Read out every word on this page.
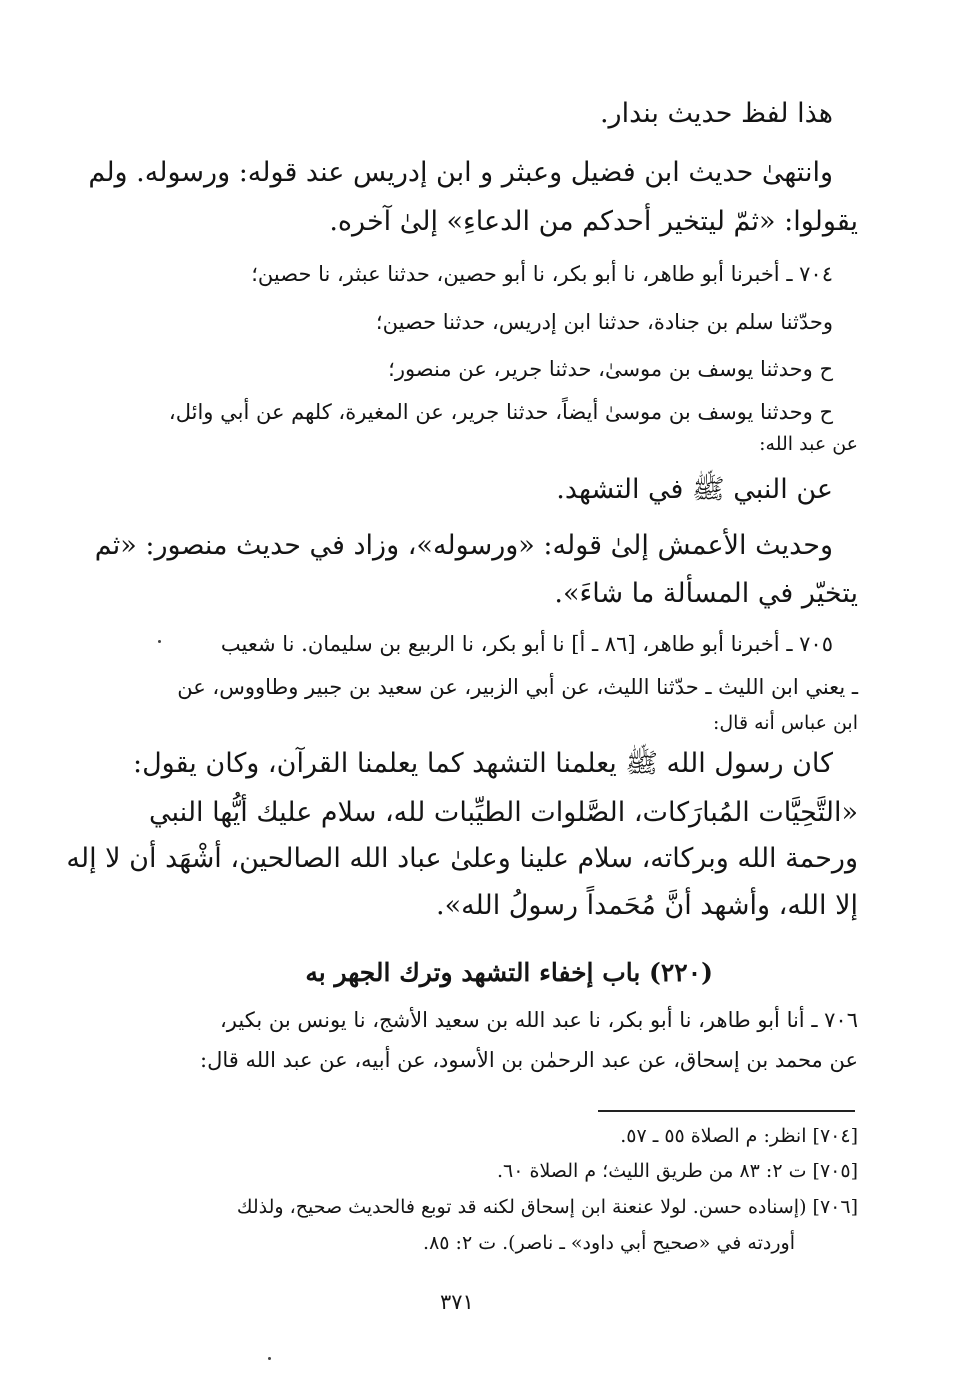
هذا لفظ حديث بندار.

وانتهىٰ حديث ابن فضيل وعبثر و ابن إدريس عند قوله: ورسوله. ولم

يقولوا: «ثمّ ليتخير أحدكم من الدعاءِ» إلىٰ آخره.

٧٠٤ ـ أخبرنا أبو طاهر، نا أبو بكر، نا أبو حصين، حدثنا عبثر، نا حصين؛

وحدّثنا سلم بن جنادة، حدثنا ابن إدريس، حدثنا حصين؛

ح وحدثنا يوسف بن موسىٰ، حدثنا جرير، عن منصور؛

ح وحدثنا يوسف بن موسىٰ أيضاً، حدثنا جرير، عن المغيرة، كلهم عن أبي وائل،

عن عبد الله:

عن النبي ﷺ في التشهد.

وحديث الأعمش إلىٰ قوله: «ورسوله»، وزاد في حديث منصور: «ثم

يتخيّر في المسألة ما شاءَ».

٧٠٥ ـ أخبرنا أبو طاهر، [٨٦ ـ أ] نا أبو بكر، نا الربيع بن سليمان. نا شعيب

ـ يعني ابن الليث ـ حدّثنا الليث، عن أبي الزبير، عن سعيد بن جبير وطاووس، عن

ابن عباس أنه قال:

كان رسول الله ﷺ يعلمنا التشهد كما يعلمنا القرآن، وكان يقول:

«التَّحِيَّات المُبارَكات، الصَّلوات الطيِّبات لله، سلام عليك أيُّها النبي

ورحمة الله وبركاته، سلام علينا وعلىٰ عباد الله الصالحين، أشْهَد أن لا إله

إلا الله، وأشهد أنَّ مُحَمداً رسولُ الله».

(٢٢٠) باب إخفاء التشهد وترك الجهر به

٧٠٦ ـ أنا أبو طاهر، نا أبو بكر، نا عبد الله بن سعيد الأشج، نا يونس بن بكير،

عن محمد بن إسحاق، عن عبد الرحمٰن بن الأسود، عن أبيه، عن عبد الله قال:

[٧٠٤] انظر: م الصلاة ٥٥ ـ ٥٧.

[٧٠٥] ت ٢: ٨٣ من طريق الليث؛ م الصلاة ٦٠.

[٧٠٦] (إسناده حسن. لولا عنعنة ابن إسحاق لكنه قد توبع فالحديث صحيح، ولذلك

أوردته في «صحيح أبي داود» ـ ناصر). ت ٢: ٨٥.

٣٧١
